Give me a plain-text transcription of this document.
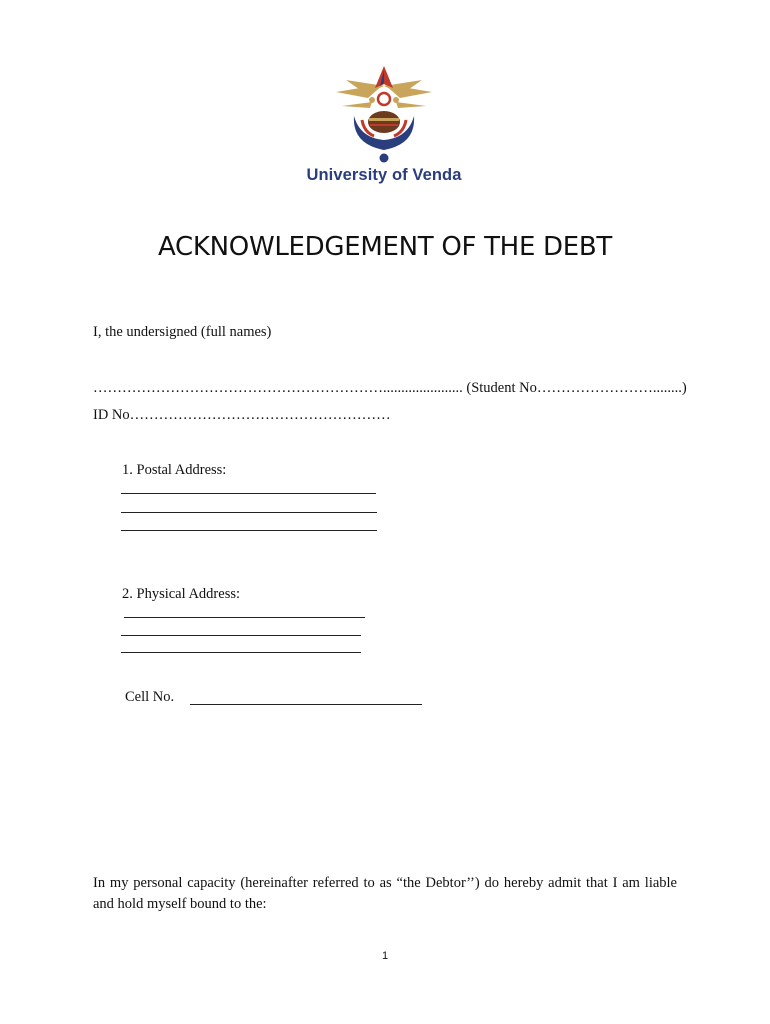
University of Venda
ACKNOWLEDGEMENT OF THE DEBT
I, the undersigned (full names)
……………………………………………………...................... (Student No……………………........)
ID No………………………………………………
1. Postal Address:
2. Physical Address:
Cell No.
In my personal capacity (hereinafter referred to as “the Debtor’’) do hereby admit that I am liable and hold myself bound to the:
1
